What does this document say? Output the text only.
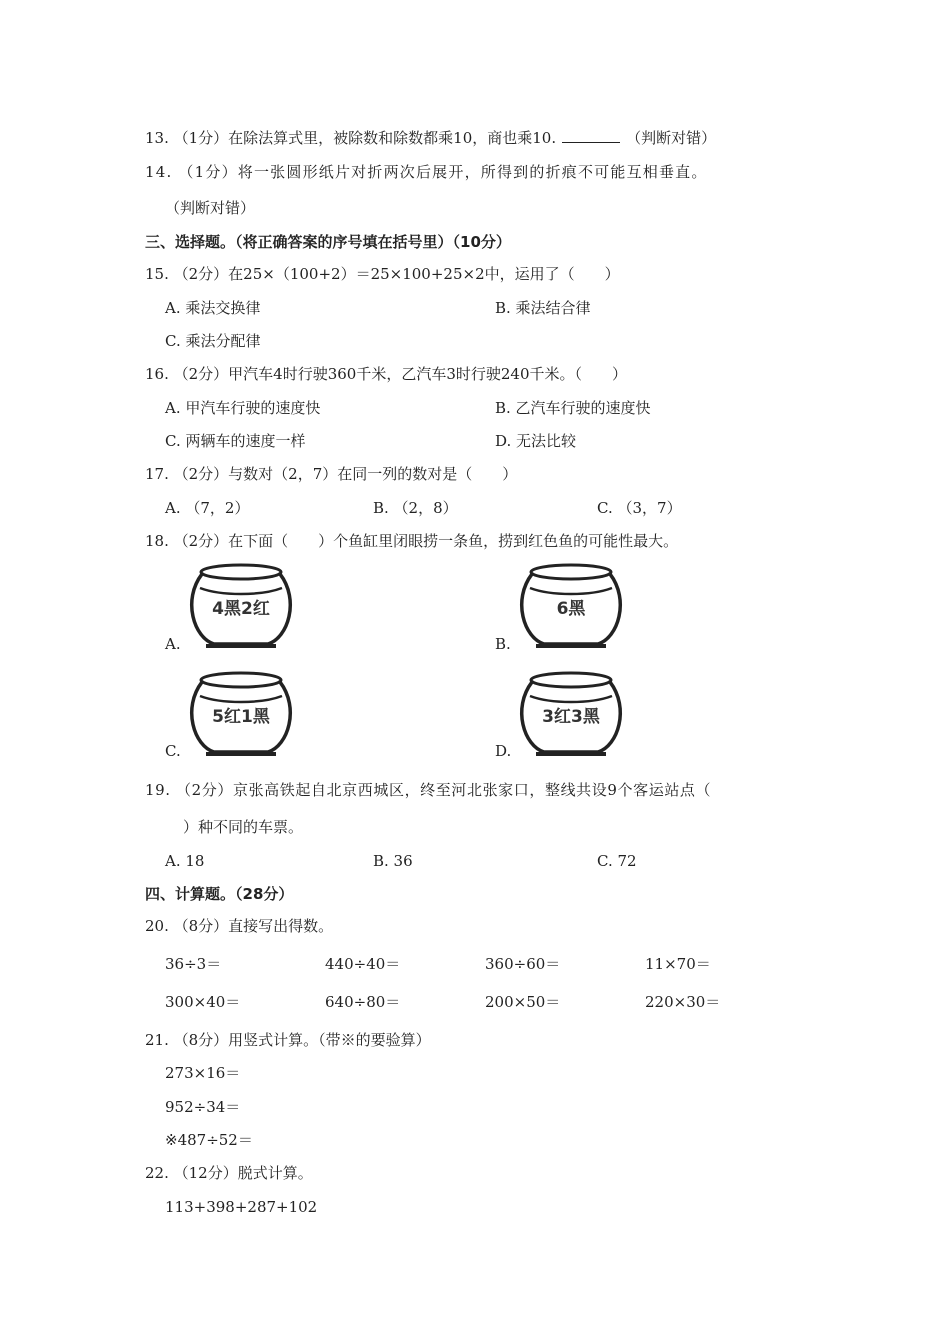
13. （1分）在除法算式里，被除数和除数都乘10，商也乘10.	（判断对错）
14. （1分）将一张圆形纸片对折两次后展开，所得到的折痕不可能互相垂直。
（判断对错）
三、选择题。（将正确答案的序号填在括号里）（10分）
15. （2分）在25×（100+2）＝25×100+25×2中，运用了（　　）
A. 乘法交换律	B. 乘法结合律
C. 乘法分配律
16. （2分）甲汽车4时行驶360千米，乙汽车3时行驶240千米。（　　）
A. 甲汽车行驶的速度快	B. 乙汽车行驶的速度快
C. 两辆车的速度一样	D. 无法比较
17. （2分）与数对（2，7）在同一列的数对是（　　）
A. （7，2）	B. （2，8）	C. （3，7）
18. （2分）在下面（　　）个鱼缸里闭眼捞一条鱼，捞到红色鱼的可能性最大。
4黑2红
A.
6黑
B.
5红1黑
C.
3红3黑
D.
19. （2分）京张高铁起自北京西城区，终至河北张家口，整线共设9个客运站点（
）种不同的车票。
A. 18	B. 36	C. 72
四、计算题。（28分）
20. （8分）直接写出得数。
36÷3＝	440÷40＝	360÷60＝	11×70＝
300×40＝	640÷80＝	200×50＝	220×30＝
21. （8分）用竖式计算。（带※的要验算）
273×16＝
952÷34＝
※487÷52＝
22. （12分）脱式计算。
113+398+287+102
